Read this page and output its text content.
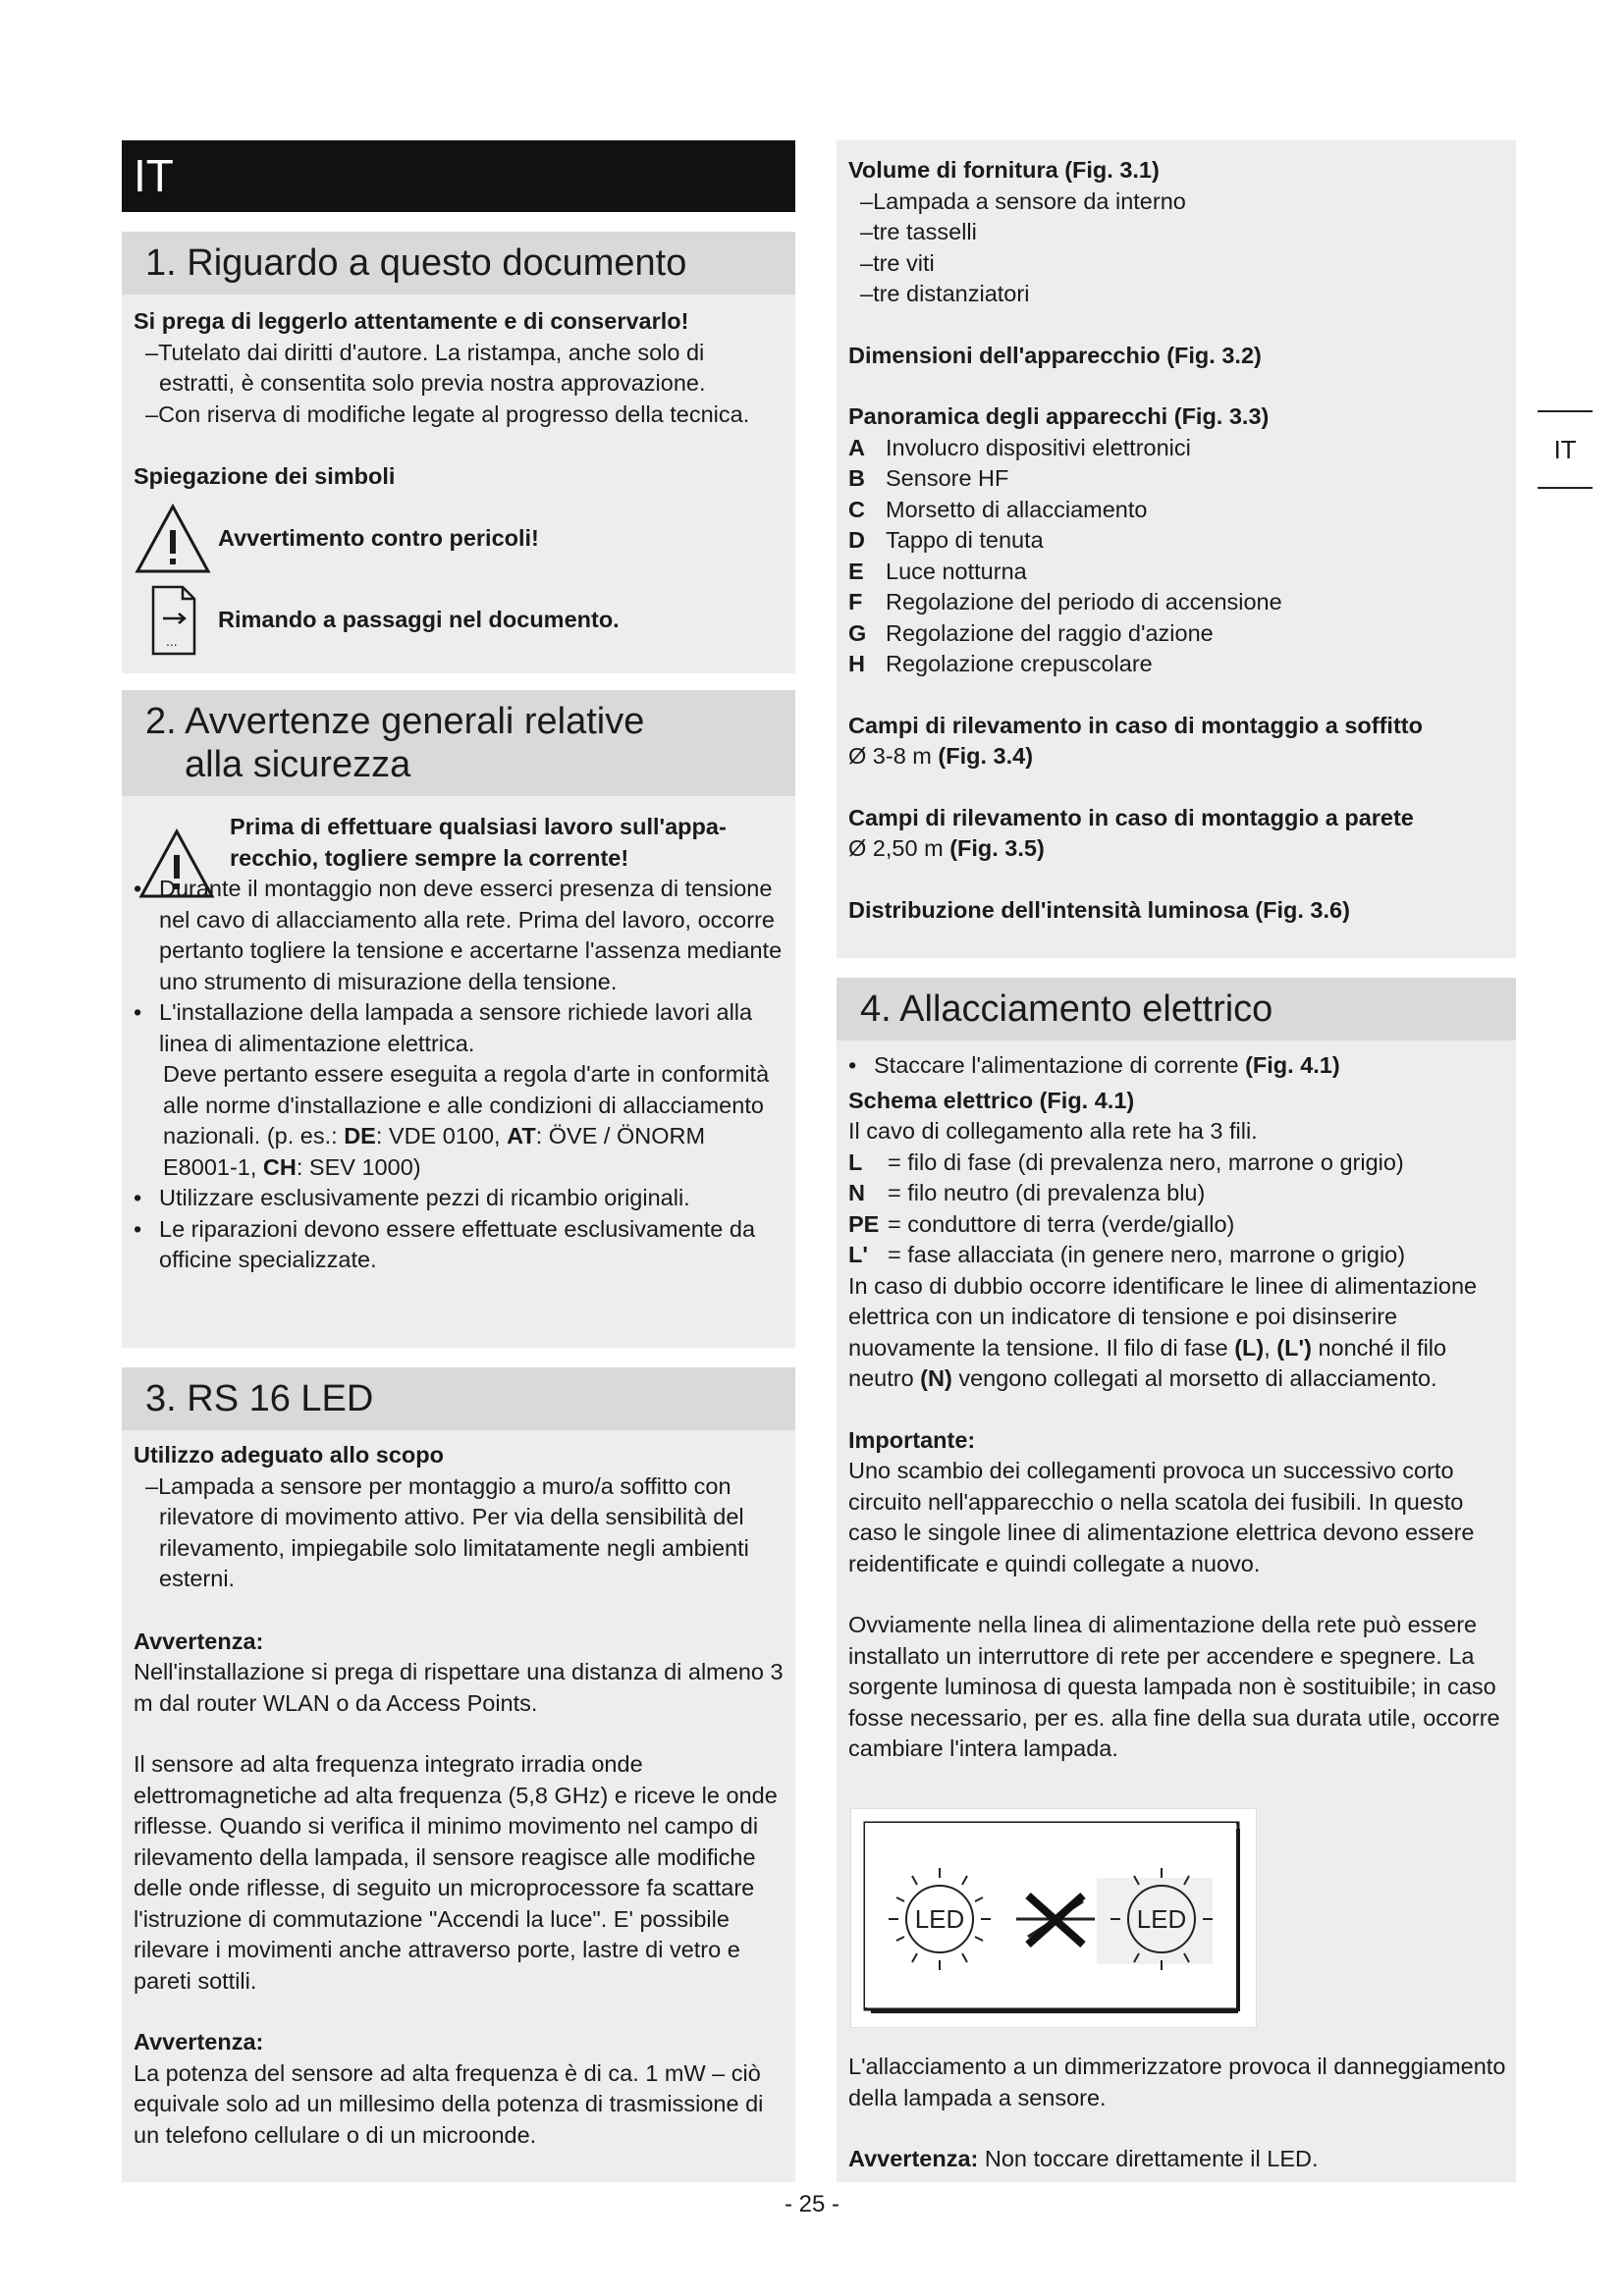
IT
1. Riguardo a questo documento

Si prega di leggerlo attentamente e di conservarlo!

–Tutelato dai diritti d'autore. La ristampa, anche solo di estratti, è consentita solo previa nostra approvazione.

–Con riserva di modifiche legate al progresso della tecnica.

Spiegazione dei simboli

Avvertimento contro pericoli!
...
Rimando a passaggi nel documento.
2. Avvertenze generali relative
alla sicurezza

Prima di effettuare qualsiasi lavoro sull'appa-

recchio, togliere sempre la corrente!

• Durante il montaggio non deve esserci presenza di tensione nel cavo di allacciamento alla rete. Prima del lavoro, occorre pertanto togliere la tensione e accertarne l'assenza mediante uno strumento di misurazione della tensione.

• L'installazione della lampada a sensore richiede lavori alla linea di alimentazione elettrica.

Deve pertanto essere eseguita a regola d'arte in conformità alle norme d'installazione e alle condizioni di allacciamento nazionali. (p. es.: DE: VDE 0100, AT: ÖVE / ÖNORM E8001-1, CH: SEV 1000)

• Utilizzare esclusivamente pezzi di ricambio originali.

• Le riparazioni devono essere effettuate esclusivamente da officine specializzate.

3. RS 16 LED

Utilizzo adeguato allo scopo

–Lampada a sensore per montaggio a muro/a soffitto con rilevatore di movimento attivo. Per via della sensibilità del rilevamento, impiegabile solo limitatamente negli ambienti esterni.

Avvertenza:

Nell'installazione si prega di rispettare una distanza di almeno 3 m dal router WLAN o da Access Points.

Il sensore ad alta frequenza integrato irradia onde elettromagnetiche ad alta frequenza (5,8 GHz) e riceve le onde riflesse. Quando si verifica il minimo movimento nel campo di rilevamento della lampada, il sensore reagisce alle modifiche delle onde riflesse, di seguito un microprocessore fa scattare l'istruzione di commutazione "Accendi la luce". E' possibile rilevare i movimenti anche attraverso porte, lastre di vetro e pareti sottili.

Avvertenza:

La potenza del sensore ad alta frequenza è di ca. 1 mW – ciò equivale solo ad un millesimo della potenza di trasmissione di un telefono cellulare o di un microonde.

Volume di fornitura (Fig. 3.1)

–Lampada a sensore da interno

–tre tasselli

–tre viti

–tre distanziatori

Dimensioni dell'apparecchio (Fig. 3.2)

Panoramica degli apparecchi (Fig. 3.3)

A Involucro dispositivi elettronici
B Sensore HF
C Morsetto di allacciamento
D Tappo di tenuta
E Luce notturna
F	Regolazione del periodo di accensione
G Regolazione del raggio d'azione
H Regolazione crepuscolare

Campi di rilevamento in caso di montaggio a soffitto

Ø 3-8 m (Fig. 3.4)

Campi di rilevamento in caso di montaggio a parete

Ø 2,50 m (Fig. 3.5)

Distribuzione dell'intensità luminosa (Fig. 3.6)

4. Allacciamento elettrico

• Staccare l'alimentazione di corrente (Fig. 4.1)

Schema elettrico (Fig. 4.1)

Il cavo di collegamento alla rete ha 3 fili.

L	= filo di fase (di prevalenza nero, marrone o grigio)
N = filo neutro (di prevalenza blu)
PE = conduttore di terra (verde/giallo)
L' = fase allacciata (in genere nero, marrone o grigio)

In caso di dubbio occorre identificare le linee di alimentazione elettrica con un indicatore di tensione e poi disinserire nuovamente la tensione. Il filo di fase (L), (L') nonché il filo neutro (N) vengono collegati al morsetto di allacciamento.

Importante:

Uno scambio dei collegamenti provoca un successivo corto circuito nell'apparecchio o nella scatola dei fusibili. In questo caso le singole linee di alimentazione elettrica devono essere reidentificate e quindi collegate a nuovo.

Ovviamente nella linea di alimentazione della rete può essere installato un interruttore di rete per accendere e spegnere. La sorgente luminosa di questa lampada non è sostituibile; in caso fosse necessario, per es. alla fine della sua durata utile, occorre cambiare l'intera lampada.

LED	LED

L'allacciamento a un dimmerizzatore provoca il danneggiamento della lampada a sensore.

Avvertenza: Non toccare direttamente il LED.

IT
- 25 -
